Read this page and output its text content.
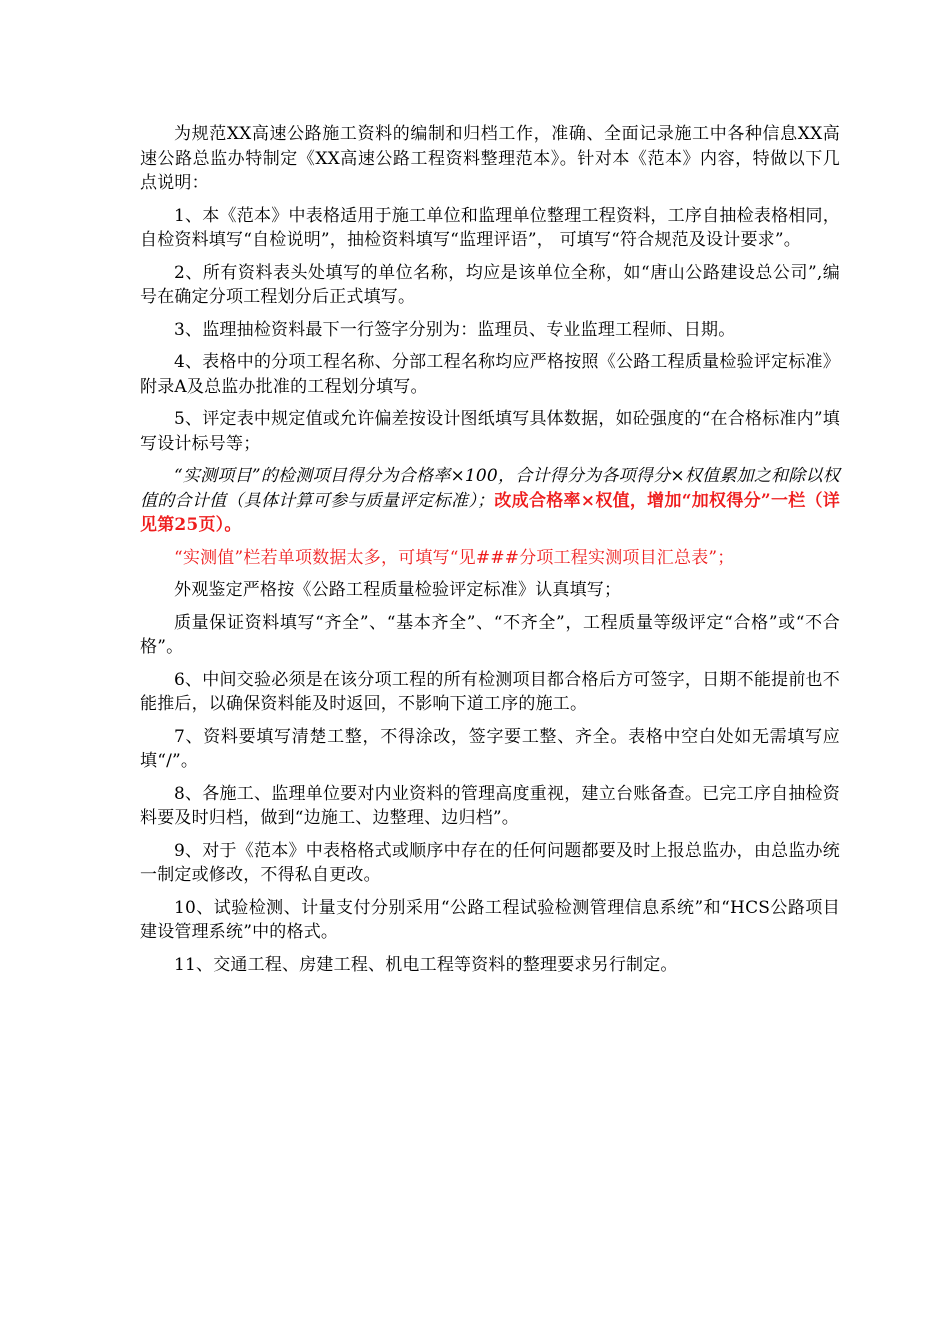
为规范XX高速公路施工资料的编制和归档工作，准确、全面记录施工中各种信息XX高速公路总监办特制定《XX高速公路工程资料整理范本》。针对本《范本》内容，特做以下几点说明：

1、本《范本》中表格适用于施工单位和监理单位整理工程资料，工序自抽检表格相同，自检资料填写“自检说明”，抽检资料填写“监理评语”， 可填写“符合规范及设计要求”。

2、所有资料表头处填写的单位名称，均应是该单位全称，如“唐山公路建设总公司”,编号在确定分项工程划分后正式填写。

3、监理抽检资料最下一行签字分别为：监理员、专业监理工程师、日期。

4、表格中的分项工程名称、分部工程名称均应严格按照《公路工程质量检验评定标准》附录A及总监办批准的工程划分填写。

5、评定表中规定值或允许偏差按设计图纸填写具体数据，如砼强度的“在合格标准内”填写设计标号等；

“实测项目”的检测项目得分为合格率×100，合计得分为各项得分×权值累加之和除以权值的合计值（具体计算可参与质量评定标准）；改成合格率×权值，增加“加权得分”一栏（详见第25页）。

“实测值”栏若单项数据太多，可填写“见###分项工程实测项目汇总表”；

外观鉴定严格按《公路工程质量检验评定标准》认真填写；

质量保证资料填写“齐全”、“基本齐全”、“不齐全”，工程质量等级评定“合格”或“不合格”。

6、中间交验必须是在该分项工程的所有检测项目都合格后方可签字，日期不能提前也不能推后，以确保资料能及时返回，不影响下道工序的施工。

7、资料要填写清楚工整，不得涂改，签字要工整、齐全。表格中空白处如无需填写应填“/”。

8、各施工、监理单位要对内业资料的管理高度重视，建立台账备查。已完工序自抽检资料要及时归档，做到“边施工、边整理、边归档”。

9、对于《范本》中表格格式或顺序中存在的任何问题都要及时上报总监办，由总监办统一制定或修改，不得私自更改。

10、试验检测、计量支付分别采用“公路工程试验检测管理信息系统”和“HCS公路项目建设管理系统”中的格式。

11、交通工程、房建工程、机电工程等资料的整理要求另行制定。
